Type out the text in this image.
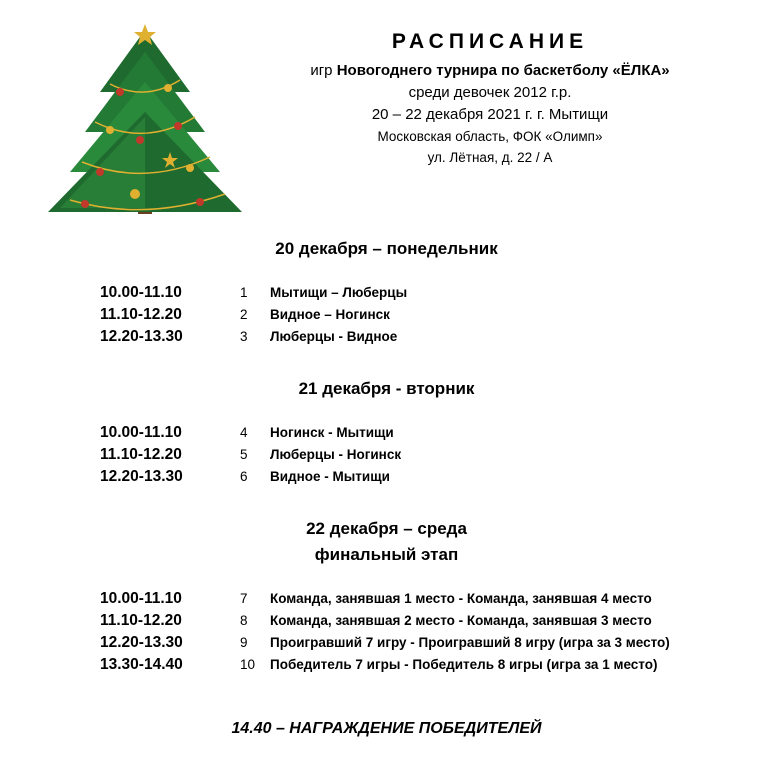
РАСПИСАНИЕ
игр Новогоднего турнира по баскетболу «ЁЛКА»
среди девочек 2012 г.р.
20 – 22 декабря 2021 г. г. Мытищи
Московская область, ФОК «Олимп»
ул. Лётная, д. 22 / А
20 декабря – понедельник
10.00-11.10	1 Мытищи – Люберцы
11.10-12.20	2 Видное – Ногинск
12.20-13.30	3 Люберцы - Видное
21 декабря - вторник
10.00-11.10	4 Ногинск - Мытищи
11.10-12.20	5 Люберцы - Ногинск
12.20-13.30	6 Видное - Мытищи
22 декабря – среда
финальный этап
10.00-11.10	7 Команда, занявшая 1 место - Команда, занявшая 4 место
11.10-12.20	8 Команда, занявшая 2 место - Команда, занявшая 3 место
12.20-13.30	9 Проигравший 7 игру - Проигравший 8 игру (игра за 3 место)
13.30-14.40	10 Победитель 7 игры - Победитель 8 игры (игра за 1 место)
14.40 – НАГРАЖДЕНИЕ ПОБЕДИТЕЛЕЙ
